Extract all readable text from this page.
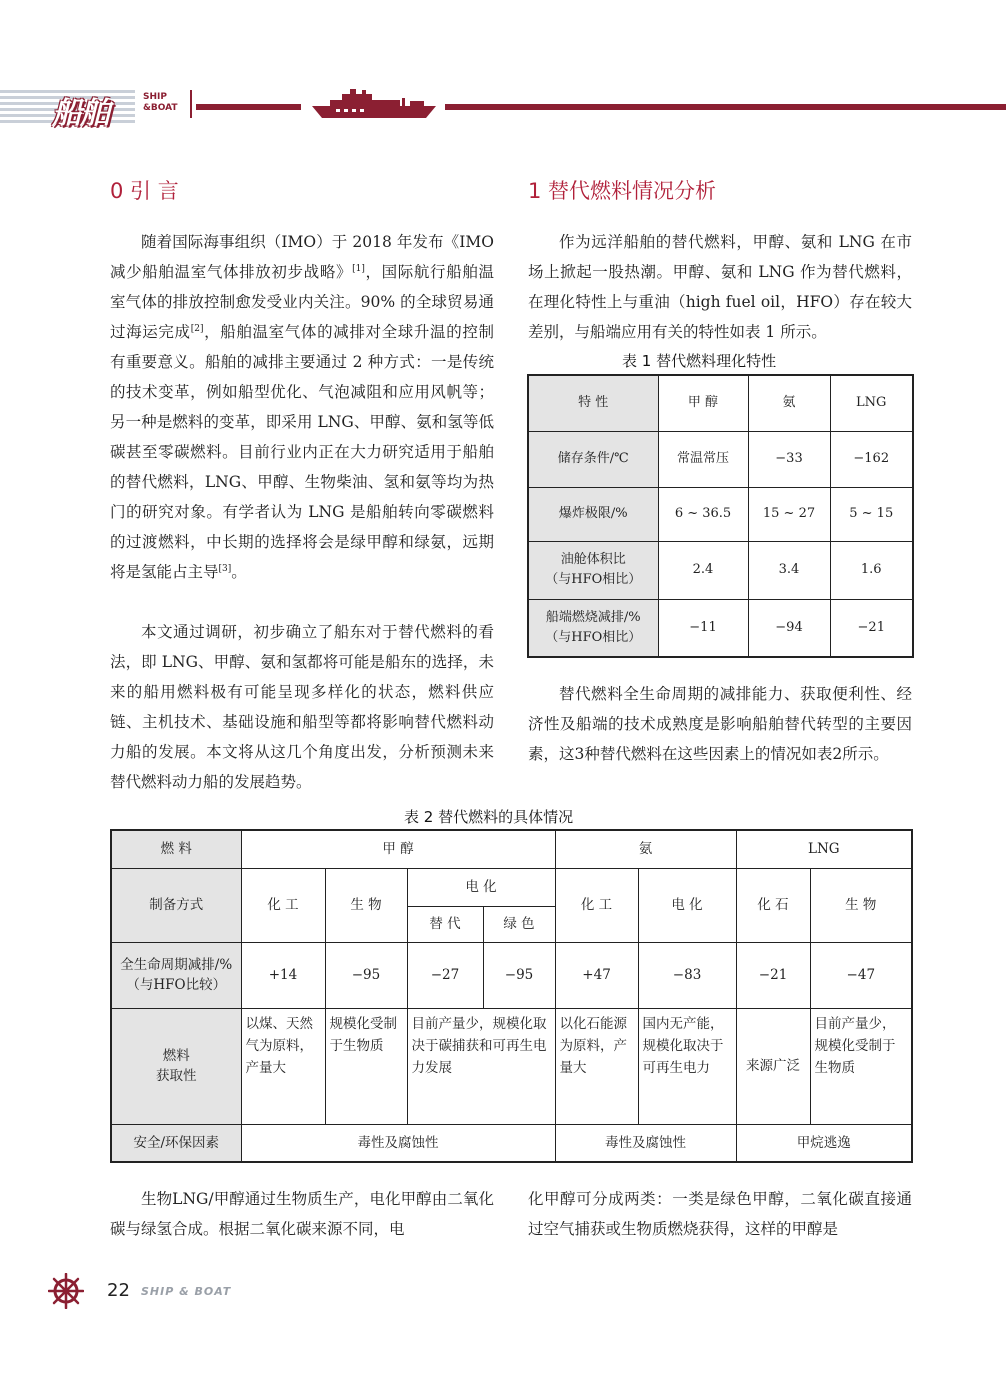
船舶	SHIP
&BOAT
0 引 言

随着国际海事组织（IMO）于 2018 年发布《IMO 减少船舶温室气体排放初步战略》[1]，国际航行船舶温室气体的排放控制愈发受业内关注。90% 的全球贸易通过海运完成[2]，船舶温室气体的减排对全球升温的控制有重要意义。船舶的减排主要通过 2 种方式：一是传统的技术变革，例如船型优化、气泡减阻和应用风帆等；另一种是燃料的变革，即采用 LNG、甲醇、氨和氢等低碳甚至零碳燃料。目前行业内正在大力研究适用于船舶的替代燃料，LNG、甲醇、生物柴油、氢和氨等均为热门的研究对象。有学者认为 LNG 是船舶转向零碳燃料的过渡燃料，中长期的选择将会是绿甲醇和绿氨，远期将是氢能占主导[3]。

本文通过调研，初步确立了船东对于替代燃料的看法，即 LNG、甲醇、氨和氢都将可能是船东的选择，未来的船用燃料极有可能呈现多样化的状态，燃料供应链、主机技术、基础设施和船型等都将影响替代燃料动力船的发展。本文将从这几个角度出发，分析预测未来替代燃料动力船的发展趋势。

1 替代燃料情况分析

作为远洋船舶的替代燃料，甲醇、氨和 LNG 在市场上掀起一股热潮。甲醇、氨和 LNG 作为替代燃料，在理化特性上与重油（high fuel oil，HFO）存在较大差别，与船端应用有关的特性如表 1 所示。

表 1 替代燃料理化特性
特 性	甲 醇	氨	LNG
储存条件/℃	常温常压	−33	−162
爆炸极限/%	6 ~ 36.5	15 ~ 27	5 ~ 15
油舱体积比
（与HFO相比）	2.4	3.4	1.6
船端燃烧减排/%
（与HFO相比）	−11	−94	−21

替代燃料全生命周期的减排能力、获取便利性、经济性及船端的技术成熟度是影响船舶替代转型的主要因素，这3种替代燃料在这些因素上的情况如表2所示。

表 2 替代燃料的具体情况
燃 料	甲 醇				氨		LNG	
制备方式	化 工	生 物	电 化		化 工	电 化	化 石	生 物
			替 代	绿 色				
全生命周期减排/%
（与HFO比较）	+14	−95	−27	−95	+47	−83	−21	−47
燃料
获取性	以煤、天然气为原料，产量大	规模化受制于生物质	目前产量少，规模化取决于碳捕获和可再生电力发展		以化石能源为原料，产量大	国内无产能，规模化取决于可再生电力	来源广泛	目前产量少，规模化受制于生物质
安全/环保因素	毒性及腐蚀性				毒性及腐蚀性		甲烷逃逸	

生物LNG/甲醇通过生物质生产，电化甲醇由二氧化碳与绿氢合成。根据二氧化碳来源不同，电

化甲醇可分成两类：一类是绿色甲醇，二氧化碳直接通过空气捕获或生物质燃烧获得，这样的甲醇是

22 SHIP & BOAT
